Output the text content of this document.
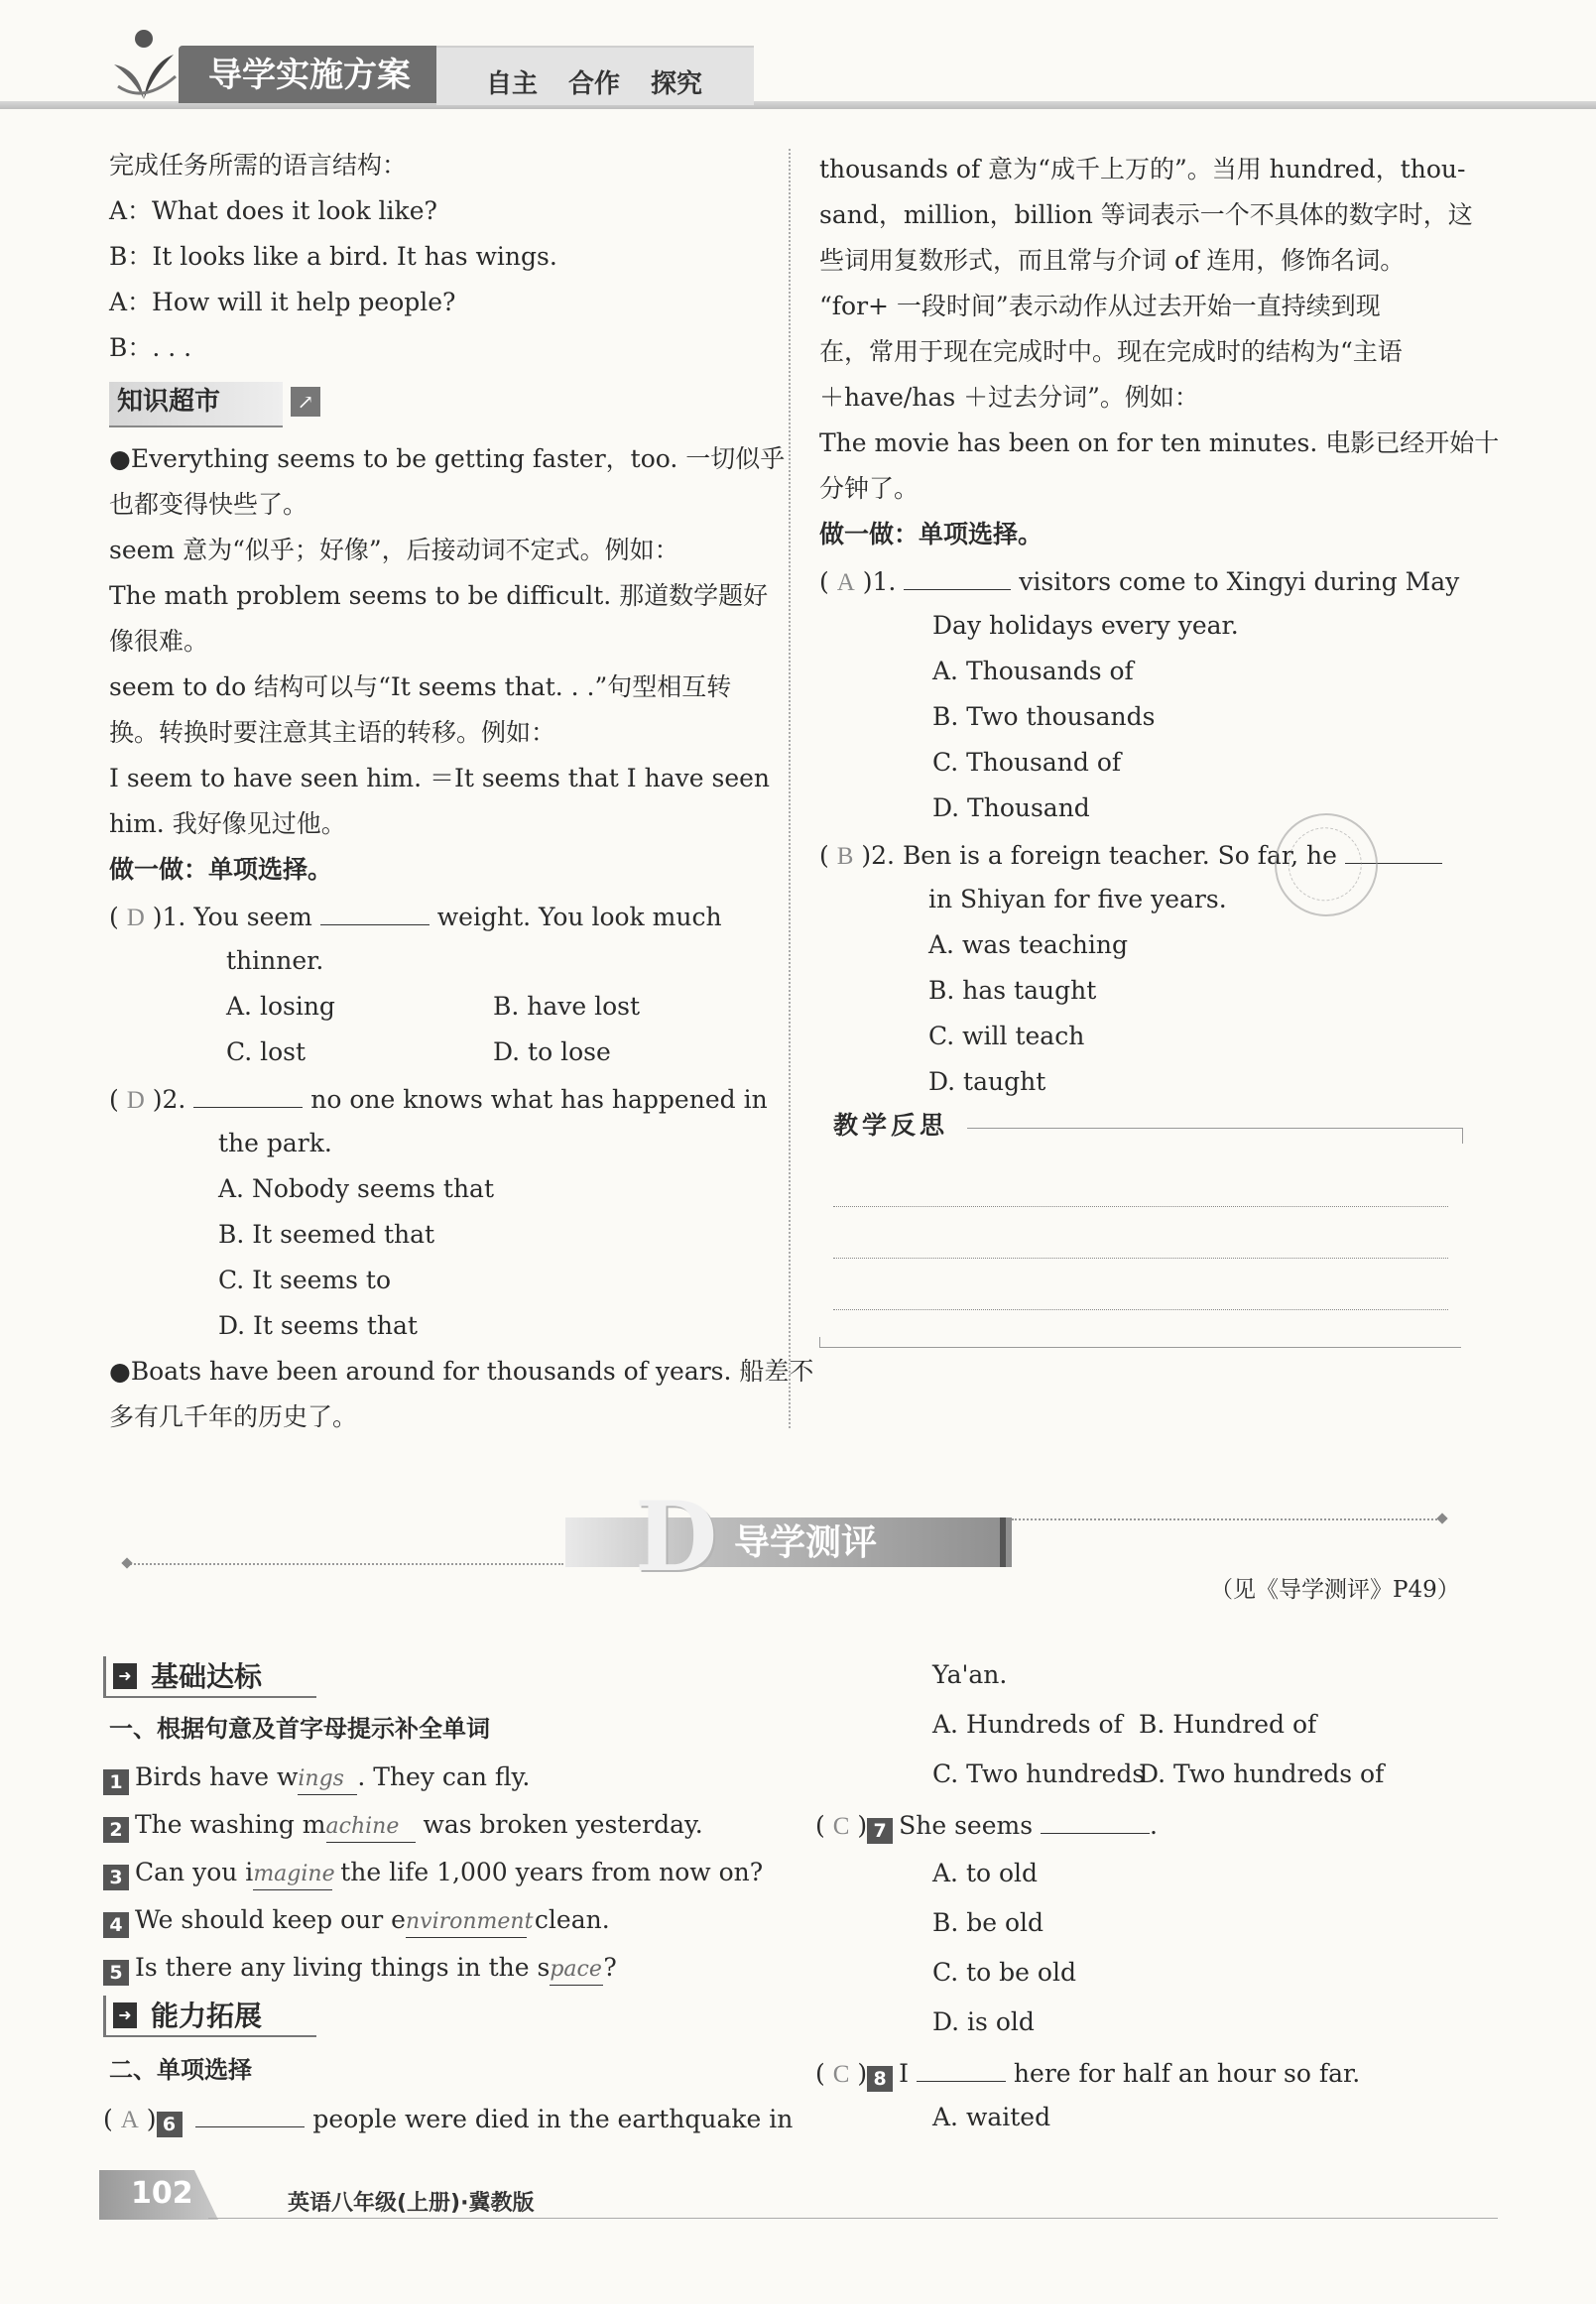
导学实施方案	自主 合作 探究
完成任务所需的语言结构：
A：What does it look like?
B：It looks like a bird. It has wings.
A：How will it help people?
B：. . .
知识超市	↗
●Everything seems to be getting faster，too. 一切似乎
也都变得快些了。
seem 意为“似乎；好像”，后接动词不定式。例如：
The math problem seems to be difficult. 那道数学题好
像很难。
seem to do 结构可以与“It seems that. . .”句型相互转
换。转换时要注意其主语的转移。例如：
I seem to have seen him. ＝It seems that I have seen
him. 我好像见过他。
做一做：单项选择。
( D )1. You seem	weight. You look much
thinner.
A. losing	B. have lost
C. lost	D. to lose
( D )2.	no one knows what has happened in
the park.
A. Nobody seems that
B. It seemed that
C. It seems to
D. It seems that
●Boats have been around for thousands of years. 船差不
多有几千年的历史了。
thousands of 意为“成千上万的”。当用 hundred，thou-
sand，million，billion 等词表示一个不具体的数字时，这
些词用复数形式，而且常与介词 of 连用，修饰名词。
“for+ 一段时间”表示动作从过去开始一直持续到现
在，常用于现在完成时中。现在完成时的结构为“主语
＋have/has ＋过去分词”。例如：
The movie has been on for ten minutes. 电影已经开始十
分钟了。
做一做：单项选择。
( A )1.	visitors come to Xingyi during May
Day holidays every year.
A. Thousands of
B. Two thousands
C. Thousand of
D. Thousand
( B )2. Ben is a foreign teacher. So far, he
in Shiyan for five years.
A. was teaching
B. has taught
C. will teach
D. taught
教学反思
D 导学测评
（见《导学测评》P49）
➜ 基础达标
一、根据句意及首字母提示补全单词
1 Birds have wings . They can fly.
2 The washing machine was broken yesterday.
3 Can you imagine the life 1,000 years from now on?
4 We should keep our environment clean.
5 Is there any living things in the space?
➜ 能力拓展
二、单项选择
( A ) 6	people were died in the earthquake in
Ya'an.
A. Hundreds of B. Hundred of
C. Two hundreds
D. Two hundreds of
( C ) 7 She seems	.
A. to old
B. be old
C. to be old
D. is old
( C ) 8 I	here for half an hour so far.
A. waited
102	英语八年级(上册)·冀教版
